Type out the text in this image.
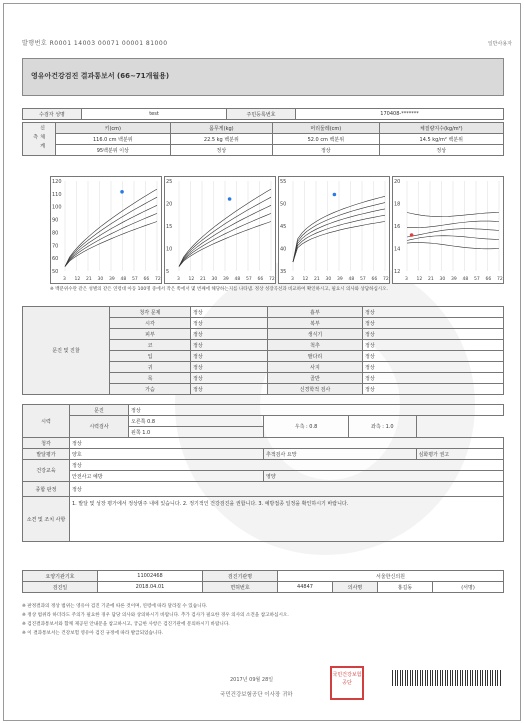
발행번호 R0001 14003 00071 00001 81000	일반사용자
영유아건강검진 결과통보서 (66~71개월용)
수검자 성명	test	주민등록번호	170408-*******
신체계측	키(cm)	몸무게(kg)	머리둘레(cm)	체질량지수(kg/m²)
	116.0 cm 백분위	22.5 kg 백분위	52.0 cm 백분위	14.5 kg/m² 백분위
	95백분위 이상	정상	정상	정상
120
110
100
90
80
70
60
50
3 12 21 30 39 48 57 66 72
25
20
15
10
5
3 12 21 30 39 48 57 66 72
55
50
45
40
35
3 12 21 30 39 48 57 66 72
20
18
16
14
12
3 12 21 30 39 48 57 66 72
※ 백분위수란 같은 성별의 같은 연령대 아동 100명 중에서 작은 쪽에서 몇 번째에 해당하는지를 나타냄. 정상 성장곡선과 비교하여 확인하시고, 필요시 의사와 상담하십시오.
문진 및 진찰	청각 문제	정상	흉부	정상
	시각	정상	복부	정상
	피부	정상	생식기	정상
	코	정상	척추	정상
	입	정상	팔다리	정상
	귀	정상	사지	정상
	목	정상	골반	정상
	가슴	정상	신경학적 검사	정상
시력	문진	정상			
	시력검사	오른쪽 0.8	우측 : 0.8	좌측 : 1.0	
		왼쪽 1.0			
청각	정상				
발달평가	양호		추적검사 요망		심화평가 권고
건강교육	정상				
	안전사고 예방		영양		
종합 판정	정상				
소견 및 조치 사항	1. 발달 및 성장 평가에서 정상범주 내에 있습니다. 2. 정기적인 건강검진을 권합니다. 3. 예방접종 일정을 확인하시기 바랍니다.				
요양기관기호	11002468	검진기관명	서울한신의원			
검진일	2018.04.01	면허번호	44847	의사명	홍길동	(서명)
※ 판정결과의 정상 범위는 영유아 검진 기준에 따른 것이며, 연령에 따라 달라질 수 있습니다.
※ 정상 범위라 하더라도 주의가 필요한 경우 담당 의사와 상의하시기 바랍니다. 추가 검사가 필요한 경우 의사의 소견을 참고하십시오.
※ 검진결과통보서와 함께 제공된 안내문을 참고하시고, 궁금한 사항은 검진기관에 문의하시기 바랍니다.
※ 이 결과통보서는 건강보험 영유아 검진 규정에 따라 발급되었습니다.
2017년 09월 28일
국민건강보험공단 이사장 귀하
국민건강보험공단
